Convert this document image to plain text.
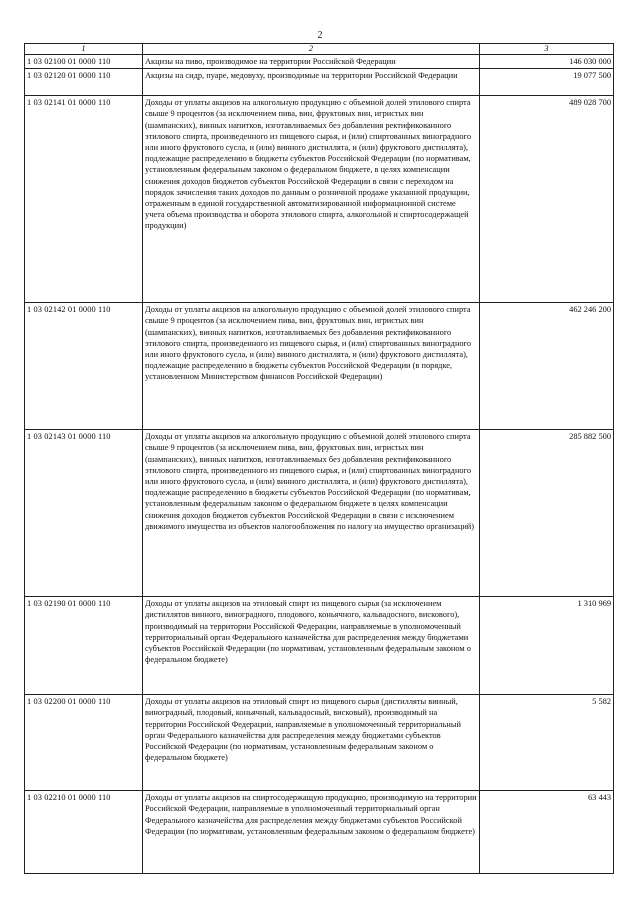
2
1	2	3
1 03 02100 01 0000 110	Акцизы на пиво, производимое на территории Российской Федерации	146 030 000
1 03 02120 01 0000 110	Акцизы на сидр, пуаре, медовуху, производимые на территории Российской Федерации	19 077 500
1 03 02141 01 0000 110	Доходы от уплаты акцизов на алкогольную продукцию с объемной долей этилового спирта свыше 9 процентов (за исключением пива, вин, фруктовых вин, игристых вин (шампанских), винных напитков, изготавливаемых без добавления ректификованного этилового спирта, произведенного из пищевого сырья, и (или) спиртованных виноградного или иного фруктового сусла, и (или) винного дистиллята, и (или) фруктового дистиллята), подлежащие распределению в бюджеты субъектов Российской Федерации (по нормативам, установленным федеральным законом о федеральном бюджете, в целях компенсации снижения доходов бюджетов субъектов Российской Федерации в связи с переходом на порядок зачисления таких доходов по данным о розничной продаже указанной продукции, отраженным в единой государственной автоматизированной информационной системе учета объема производства и оборота этилового спирта, алкогольной и спиртосодержащей продукции)	489 028 700
1 03 02142 01 0000 110	Доходы от уплаты акцизов на алкогольную продукцию с объемной долей этилового спирта свыше 9 процентов (за исключением пива, вин, фруктовых вин, игристых вин (шампанских), винных напитков, изготавливаемых без добавления ректификованного этилового спирта, произведенного из пищевого сырья, и (или) спиртованных виноградного или иного фруктового сусла, и (или) винного дистиллята, и (или) фруктового дистиллята), подлежащие распределению в бюджеты субъектов Российской Федерации (в порядке, установленном Министерством финансов Российской Федерации)	462 246 200
1 03 02143 01 0000 110	Доходы от уплаты акцизов на алкогольную продукцию с объемной долей этилового спирта свыше 9 процентов (за исключением пива, вин, фруктовых вин, игристых вин (шампанских), винных напитков, изготавливаемых без добавления ректификованного этилового спирта, произведенного из пищевого сырья, и (или) спиртованных виноградного или иного фруктового сусла, и (или) винного дистиллята, и (или) фруктового дистиллята), подлежащие распределению в бюджеты субъектов Российской Федерации (по нормативам, установленным федеральным законом о федеральном бюджете в целях компенсации снижения доходов бюджетов субъектов Российской Федерации в связи с исключением движимого имущества из объектов налогообложения по налогу на имущество организаций)	285 882 500
1 03 02190 01 0000 110	Доходы от уплаты акцизов на этиловый спирт из пищевого сырья (за исключением дистиллятов винного, виноградного, плодового, коньячного, кальвадосного, вискового), производимый на территории Российской Федерации, направляемые в уполномоченный территориальный орган Федерального казначейства для распределения между бюджетами субъектов Российской Федерации (по нормативам, установленным федеральным законом о федеральном бюджете)	1 310 969
1 03 02200 01 0000 110	Доходы от уплаты акцизов на этиловый спирт из пищевого сырья (дистилляты винный, виноградный, плодовый, коньячный, кальвадосный, висковый), производимый на территории Российской Федерации, направляемые в уполномоченный территориальный орган Федерального казначейства для распределения между бюджетами субъектов Российской Федерации (по нормативам, установленным федеральным законом о федеральном бюджете)	5 582
1 03 02210 01 0000 110	Доходы от уплаты акцизов на спиртосодержащую продукцию, производимую на территории Российской Федерации, направляемые в уполномоченный территориальный орган Федерального казначейства для распределения между бюджетами субъектов Российской Федерации (по нормативам, установленным федеральным законом о федеральном бюджете)	63 443
